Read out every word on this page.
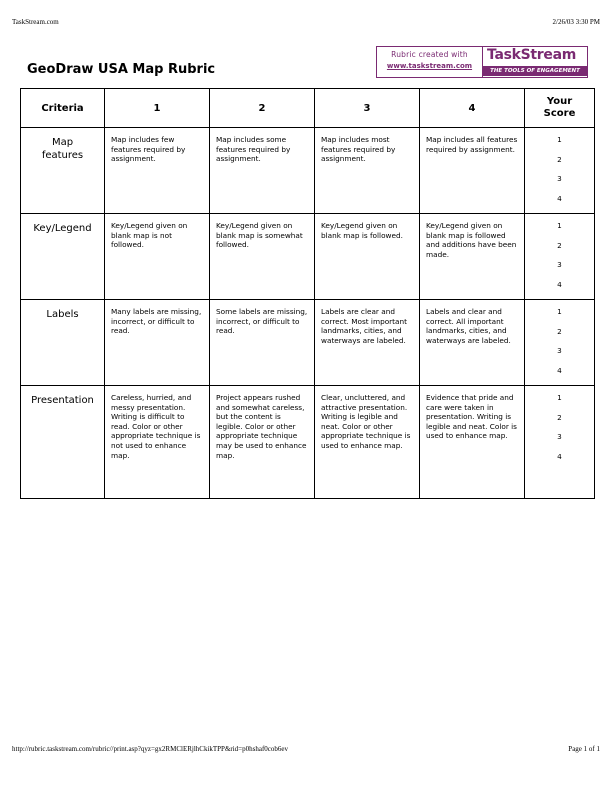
TaskStream.com	2/26/03 3:30 PM
GeoDraw USA Map Rubric
Rubric created with
www.taskstream.com
TaskStream
THE TOOLS OF ENGAGEMENT
Criteria	1	2	3	4	Your Score
Map features	Map includes few features required by assignment.	Map includes some features required by assignment.	Map includes most features required by assignment.	Map includes all features required by assignment.	1
2
3
4

Key/Legend	Key/Legend given on blank map is not followed.	Key/Legend given on blank map is somewhat followed.	Key/Legend given on blank map is followed.	Key/Legend given on blank map is followed and additions have been made.	1
2
3
4

Labels	Many labels are missing, incorrect, or difficult to read.	Some labels are missing, incorrect, or difficult to read.	Labels are clear and correct. Most important landmarks, cities, and waterways are labeled.	Labels and clear and correct. All important landmarks, cities, and waterways are labeled.	1
2
3
4

Presentation	Careless, hurried, and messy presentation. Writing is difficult to read. Color or other appropriate technique is not used to enhance map.	Project appears rushed and somewhat careless, but the content is legible. Color or other appropriate technique may be used to enhance map.	Clear, uncluttered, and attractive presentation. Writing is legible and neat. Color or other appropriate technique is used to enhance map.	Evidence that pride and care were taken in presentation. Writing is legible and neat. Color is used to enhance map.	1
2
3
4
http://rubric.taskstream.com/rubric//print.asp?qyz=gx2RMClERjlhCkikTPP&rid=p0hshaf0cob6ev	Page 1 of 1
